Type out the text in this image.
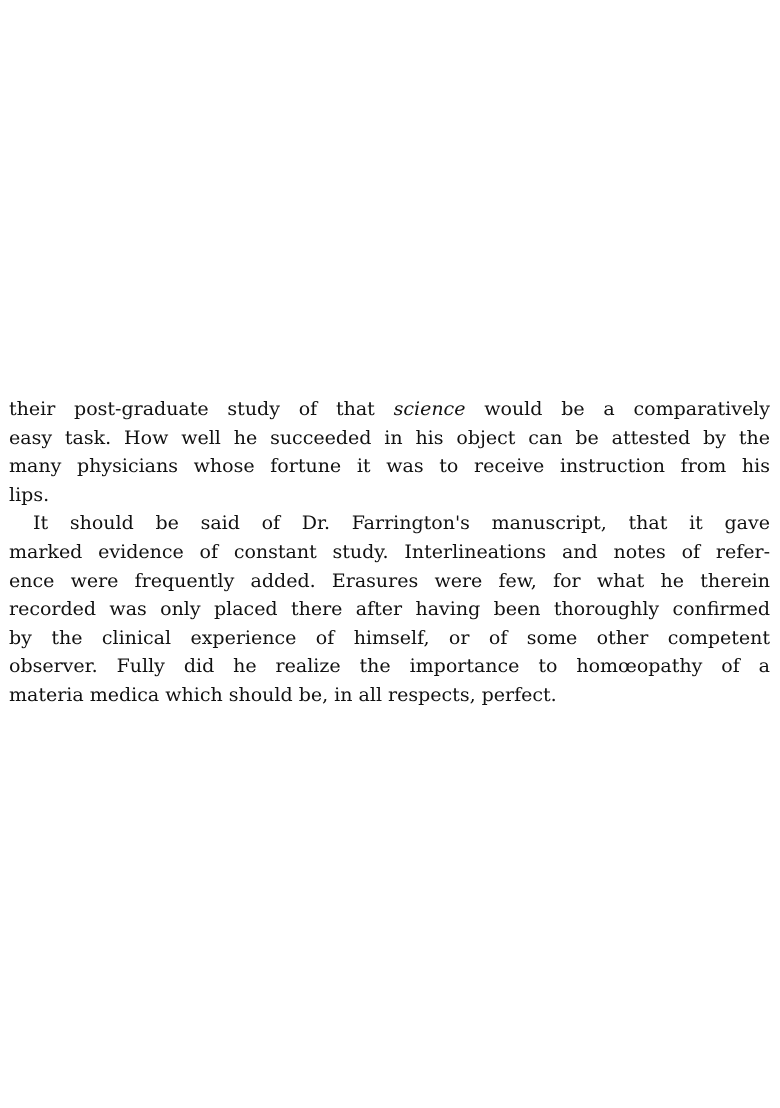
their post-graduate study of that science would be a comparatively
easy task. How well he succeeded in his object can be attested by the
many physicians whose fortune it was to receive instruction from his
lips.
It should be said of Dr. Farrington's manuscript, that it gave
marked evidence of constant study. Interlineations and notes of refer-
ence were frequently added. Erasures were few, for what he therein
recorded was only placed there after having been thoroughly confirmed
by the clinical experience of himself, or of some other competent
observer. Fully did he realize the importance to homœopathy of a
materia medica which should be, in all respects, perfect.
